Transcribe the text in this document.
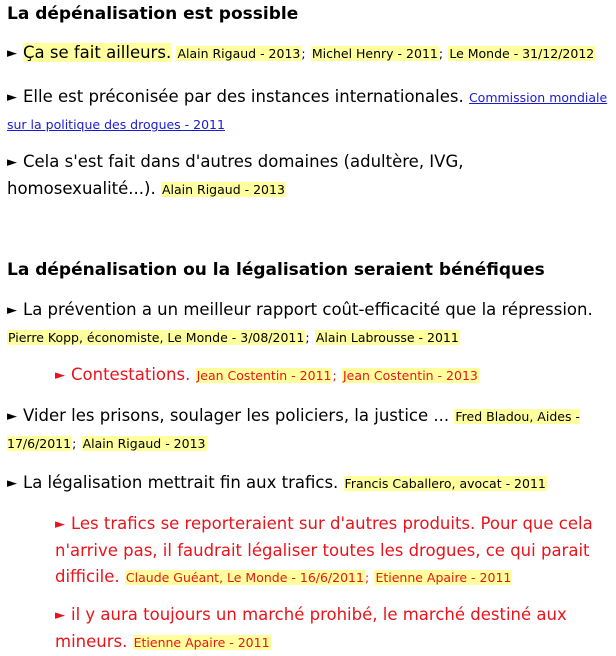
La dépénalisation est possible

► Ça se fait ailleurs. Alain Rigaud - 2013; Michel Henry - 2011; Le Monde - 31/12/2012

► Elle est préconisée par des instances internationales. Commission mondiale sur la politique des drogues - 2011

► Cela s'est fait dans d'autres domaines (adultère, IVG, homosexualité...). Alain Rigaud - 2013

La dépénalisation ou la légalisation seraient bénéfiques

► La prévention a un meilleur rapport coût-efficacité que la répression. Pierre Kopp, économiste, Le Monde - 3/08/2011; Alain Labrousse - 2011

► Contestations. Jean Costentin - 2011; Jean Costentin - 2013

► Vider les prisons, soulager les policiers, la justice ... Fred Bladou, Aides - 17/6/2011; Alain Rigaud - 2013

► La légalisation mettrait fin aux trafics. Francis Caballero, avocat - 2011

► Les trafics se reporteraient sur d'autres produits. Pour que cela n'arrive pas, il faudrait légaliser toutes les drogues, ce qui parait difficile. Claude Guéant, Le Monde - 16/6/2011; Etienne Apaire - 2011

► il y aura toujours un marché prohibé, le marché destiné aux mineurs. Etienne Apaire - 2011
